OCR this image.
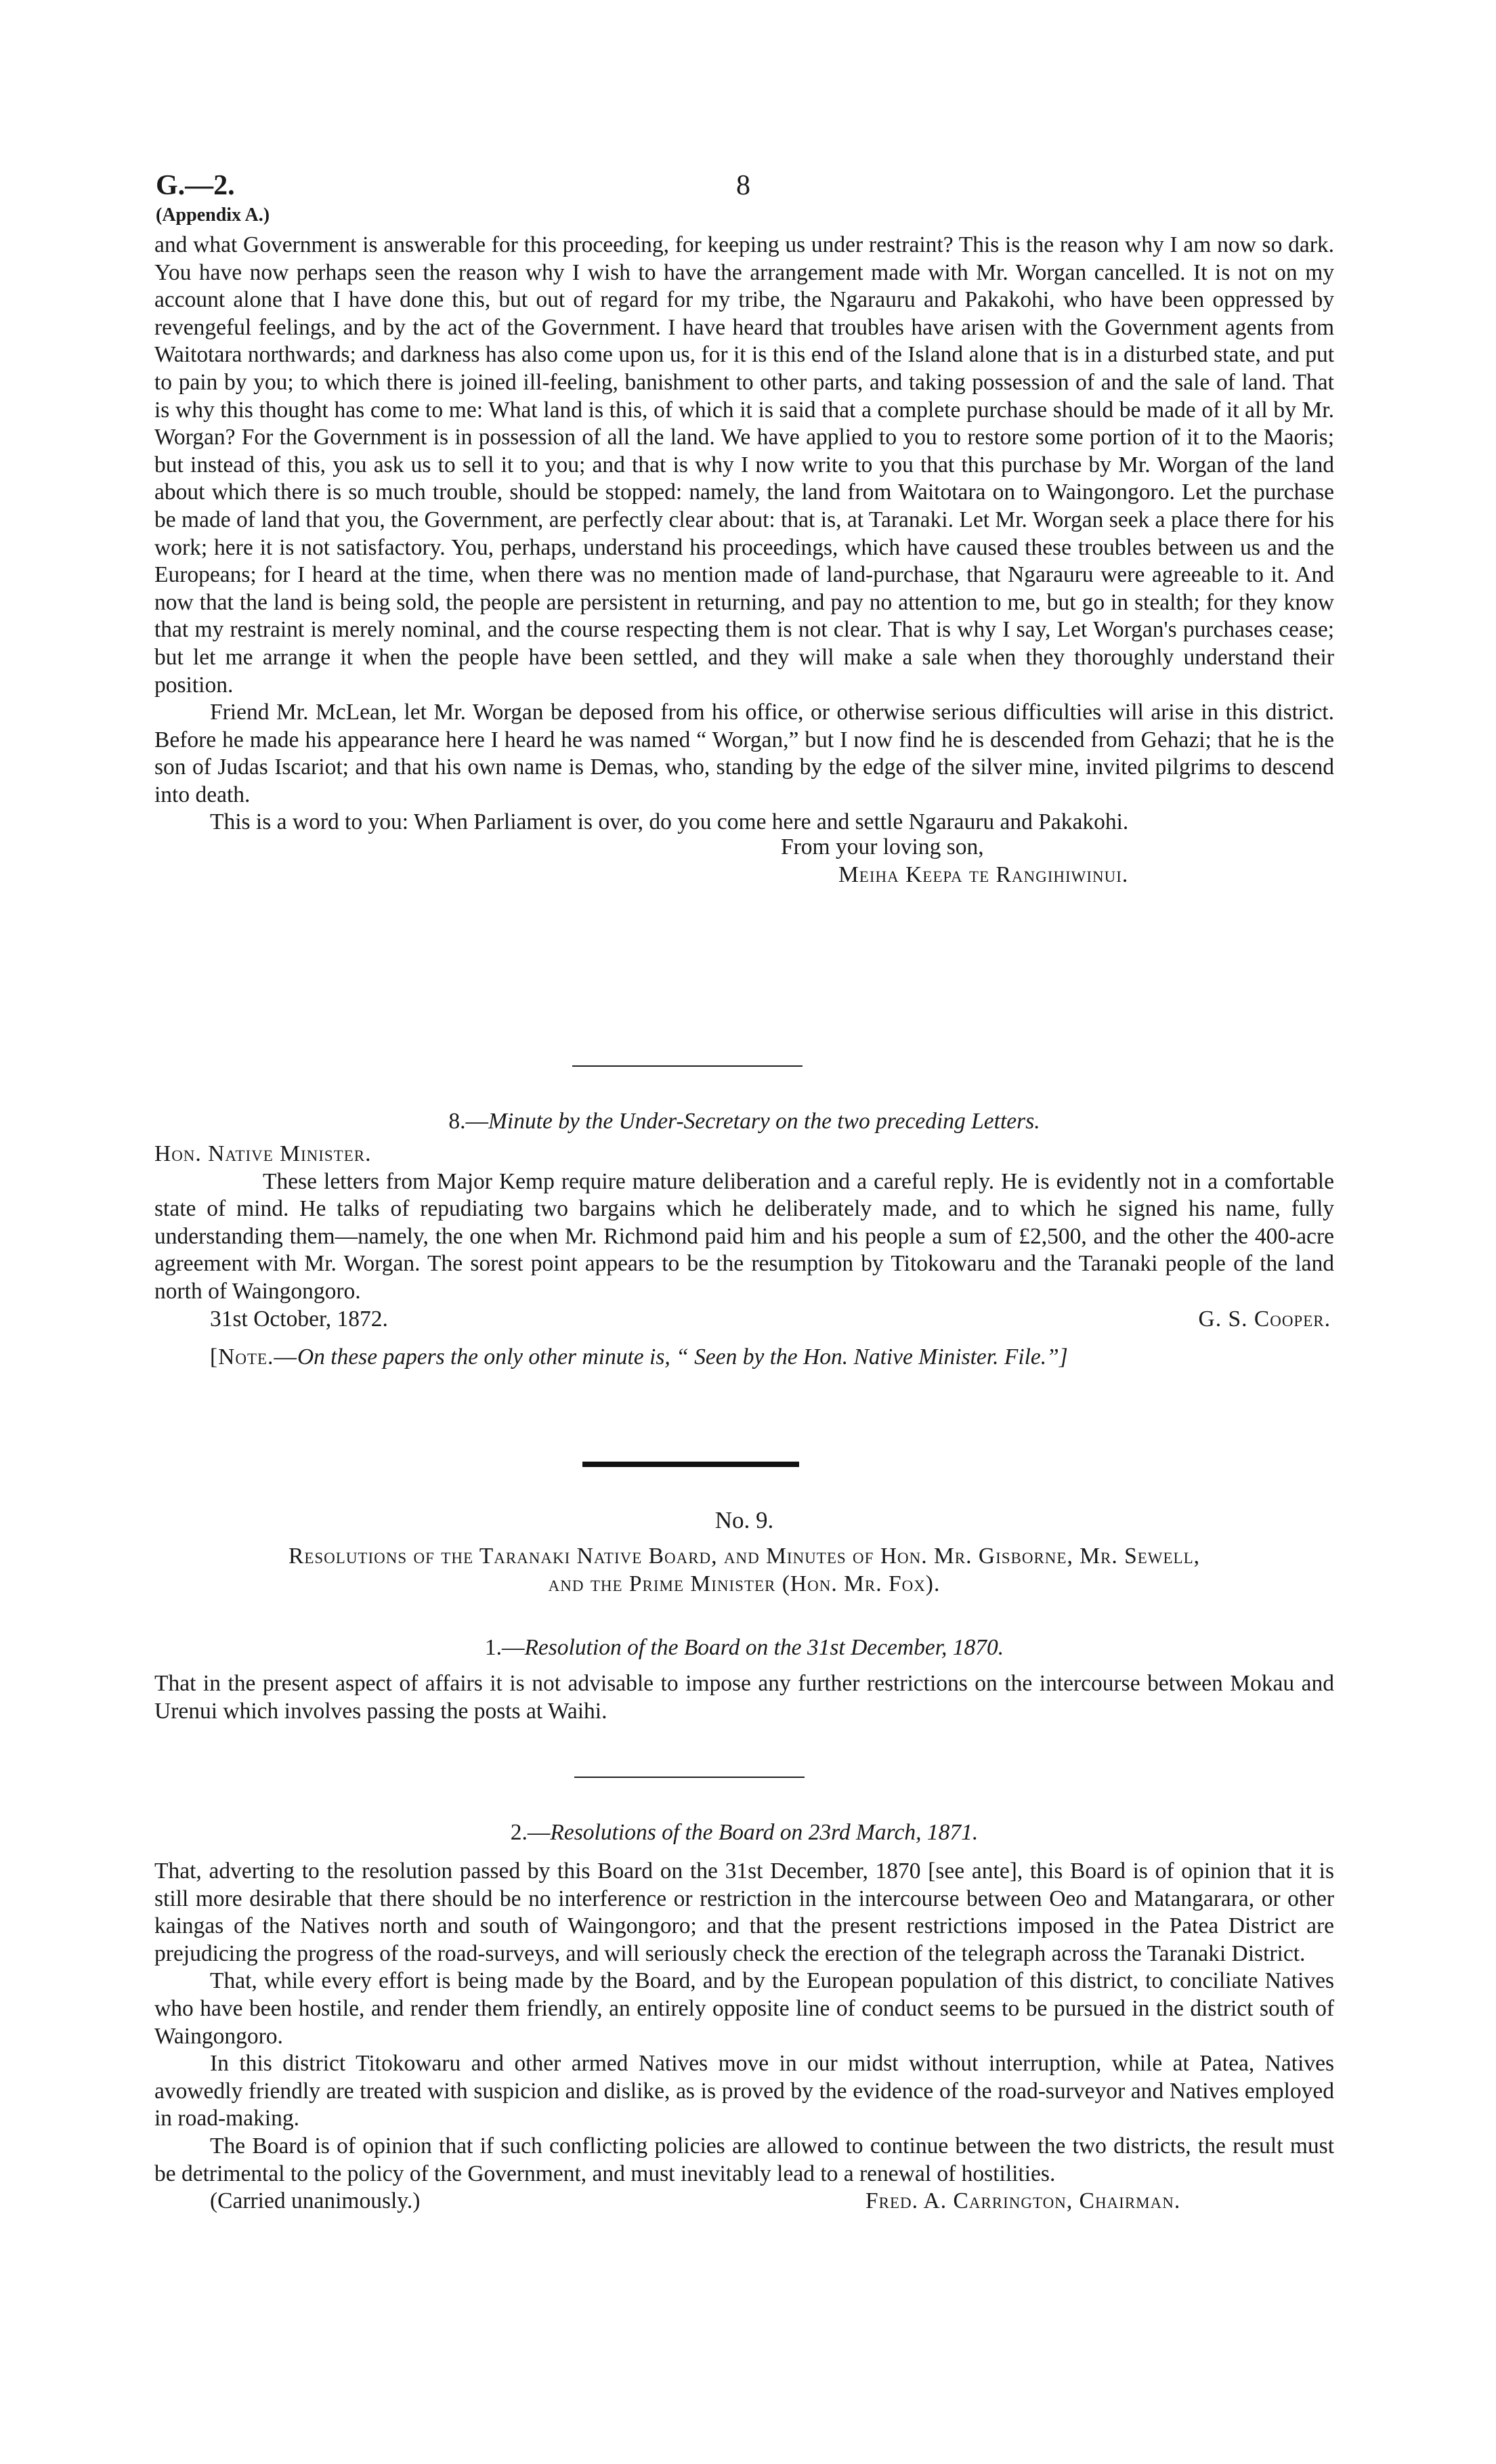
G.—2.	8
(Appendix A.)

and what Government is answerable for this proceeding, for keeping us under restraint? This is the reason why I am now so dark. You have now perhaps seen the reason why I wish to have the arrangement made with Mr. Worgan cancelled. It is not on my account alone that I have done this, but out of regard for my tribe, the Ngarauru and Pakakohi, who have been oppressed by revengeful feelings, and by the act of the Government. I have heard that troubles have arisen with the Government agents from Waitotara northwards; and darkness has also come upon us, for it is this end of the Island alone that is in a disturbed state, and put to pain by you; to which there is joined ill-feeling, banishment to other parts, and taking possession of and the sale of land. That is why this thought has come to me: What land is this, of which it is said that a complete purchase should be made of it all by Mr. Worgan? For the Government is in possession of all the land. We have applied to you to restore some portion of it to the Maoris; but instead of this, you ask us to sell it to you; and that is why I now write to you that this purchase by Mr. Worgan of the land about which there is so much trouble, should be stopped: namely, the land from Waitotara on to Waingongoro. Let the purchase be made of land that you, the Government, are perfectly clear about: that is, at Taranaki. Let Mr. Worgan seek a place there for his work; here it is not satisfactory. You, perhaps, understand his proceedings, which have caused these troubles between us and the Europeans; for I heard at the time, when there was no mention made of land-purchase, that Ngarauru were agreeable to it. And now that the land is being sold, the people are persistent in returning, and pay no attention to me, but go in stealth; for they know that my restraint is merely nominal, and the course respecting them is not clear. That is why I say, Let Worgan's purchases cease; but let me arrange it when the people have been settled, and they will make a sale when they thoroughly understand their position.

Friend Mr. McLean, let Mr. Worgan be deposed from his office, or otherwise serious difficulties will arise in this district. Before he made his appearance here I heard he was named “ Worgan,” but I now find he is descended from Gehazi; that he is the son of Judas Iscariot; and that his own name is Demas, who, standing by the edge of the silver mine, invited pilgrims to descend into death.

This is a word to you: When Parliament is over, do you come here and settle Ngarauru and Pakakohi.

From your loving son,
Meiha Keepa te Rangihiwinui.
8.—Minute by the Under-Secretary on the two preceding Letters.

Hon. Native Minister.

These letters from Major Kemp require mature deliberation and a careful reply. He is evidently not in a comfortable state of mind. He talks of repudiating two bargains which he deliberately made, and to which he signed his name, fully understanding them—namely, the one when Mr. Richmond paid him and his people a sum of £2,500, and the other the 400-acre agreement with Mr. Worgan. The sorest point appears to be the resumption by Titokowaru and the Taranaki people of the land north of Waingongoro.

31st October, 1872.	G. S. Cooper.
[Note.—On these papers the only other minute is, “ Seen by the Hon. Native Minister. File.”]
No. 9.
Resolutions of the Taranaki Native Board, and Minutes of Hon. Mr. Gisborne, Mr. Sewell,
and the Prime Minister (Hon. Mr. Fox).
1.—Resolution of the Board on the 31st December, 1870.

That in the present aspect of affairs it is not advisable to impose any further restrictions on the intercourse between Mokau and Urenui which involves passing the posts at Waihi.

2.—Resolutions of the Board on 23rd March, 1871.

That, adverting to the resolution passed by this Board on the 31st December, 1870 [see ante], this Board is of opinion that it is still more desirable that there should be no interference or restriction in the intercourse between Oeo and Matangarara, or other kaingas of the Natives north and south of Waingongoro; and that the present restrictions imposed in the Patea District are prejudicing the progress of the road-surveys, and will seriously check the erection of the telegraph across the Taranaki District.

That, while every effort is being made by the Board, and by the European population of this district, to conciliate Natives who have been hostile, and render them friendly, an entirely opposite line of conduct seems to be pursued in the district south of Waingongoro.

In this district Titokowaru and other armed Natives move in our midst without interruption, while at Patea, Natives avowedly friendly are treated with suspicion and dislike, as is proved by the evidence of the road-surveyor and Natives employed in road-making.

The Board is of opinion that if such conflicting policies are allowed to continue between the two districts, the result must be detrimental to the policy of the Government, and must inevitably lead to a renewal of hostilities.

(Carried unanimously.)	Fred. A. Carrington, Chairman.
